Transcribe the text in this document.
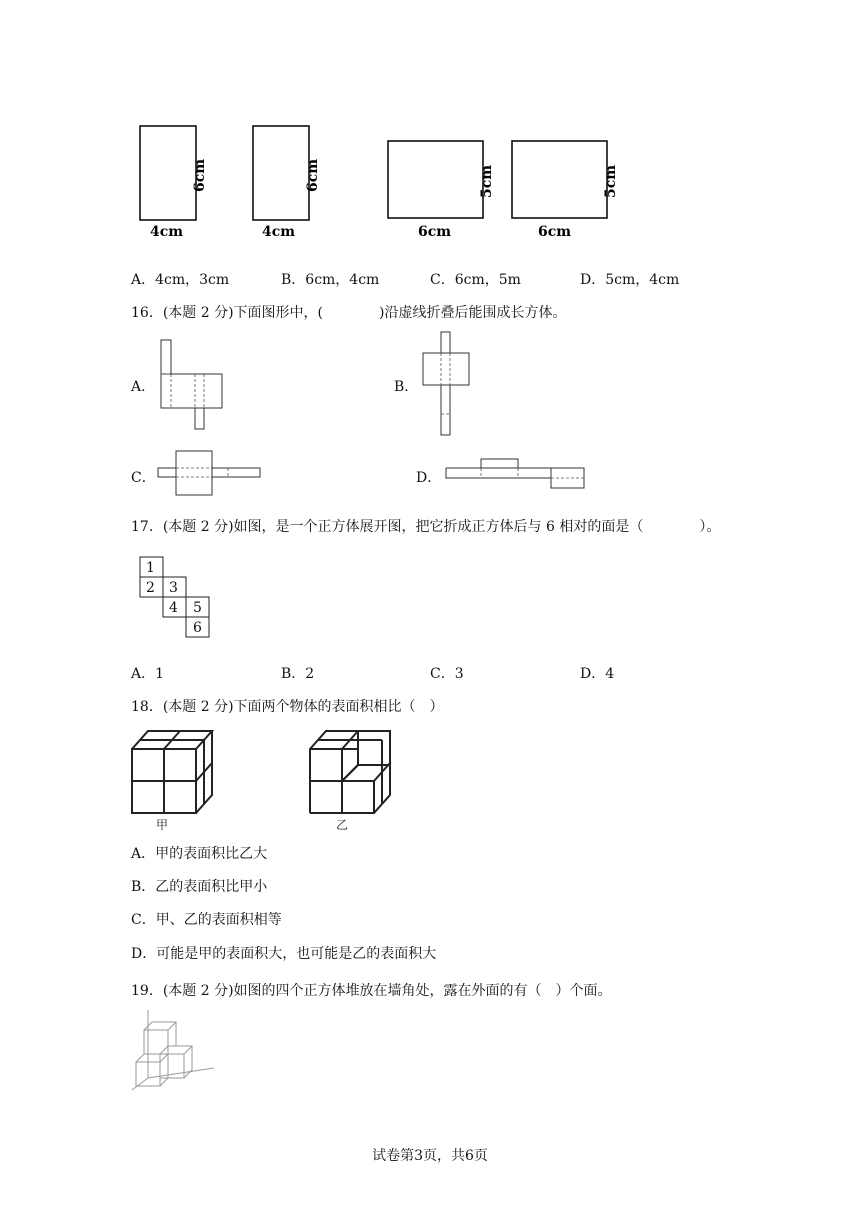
4cm
6cm
4cm
6cm
6cm
5cm
6cm
5cm
A．4cm，3cm	B．6cm，4cm	C．6cm，5m	D．5cm，4cm
16．(本题 2 分)下面图形中，(　　　　)沿虚线折叠后能围成长方体。
A．	B．
C．	D．
17．(本题 2 分)如图，是一个正方体展开图，把它折成正方体后与 6 相对的面是（　　　　）。
1
2 3
4 5
6
A．1	B．2	C．3	D．4
18．(本题 2 分)下面两个物体的表面积相比（　）
甲	乙
A．甲的表面积比乙大
B．乙的表面积比甲小
C．甲、乙的表面积相等
D．可能是甲的表面积大，也可能是乙的表面积大
19．(本题 2 分)如图的四个正方体堆放在墙角处，露在外面的有（　）个面。
试卷第3页，共6页
